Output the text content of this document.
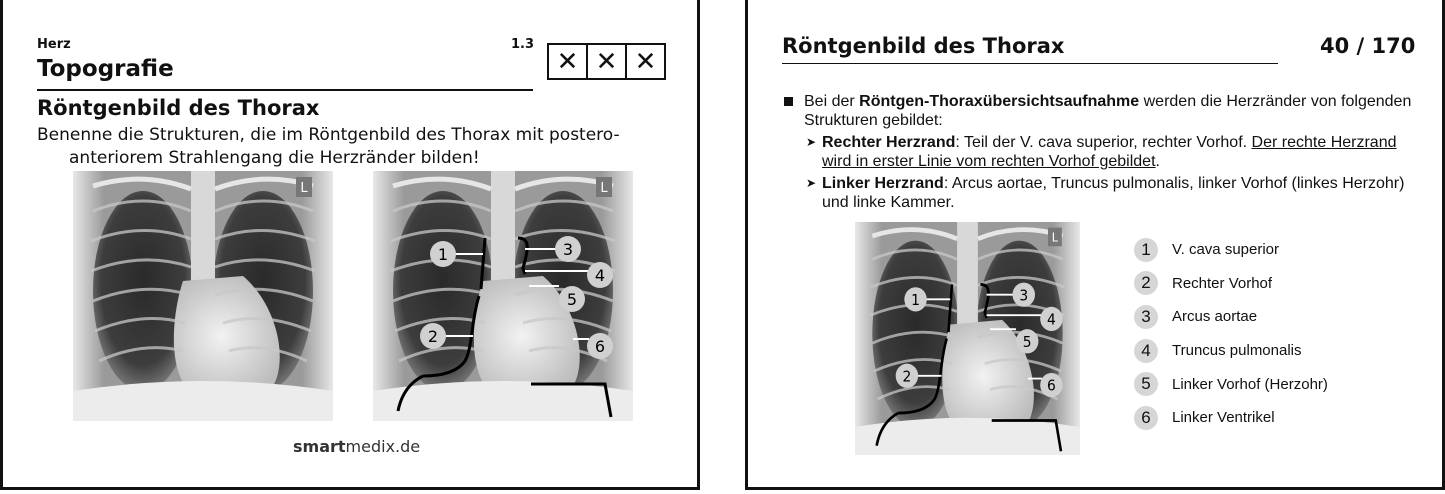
Herz	1.3
Topografie	✕ ✕ ✕
Röntgenbild des Thorax
Benenne die Strukturen, die im Röntgenbild des Thorax mit postero-anteriorem Strahlengang die Herzränder bilden!
L	L
1
2
3
4
5
6
smartmedix.de
Röntgenbild des Thorax	40 / 170
Bei der Röntgen-Thoraxübersichtsaufnahme werden die Herzränder von folgenden Strukturen gebildet:
➤ Rechter Herzrand: Teil der V. cava superior, rechter Vorhof. Der rechte Herzrand wird in erster Linie vom rechten Vorhof gebildet.
➤ Linker Herzrand: Arcus aortae, Truncus pulmonalis, linker Vorhof (linkes Herzohr) und linke Kammer.
L
1
2
3
4
5
6
1	V. cava superior
2	Rechter Vorhof
3	Arcus aortae
4	Truncus pulmonalis
5	Linker Vorhof (Herzohr)
6	Linker Ventrikel
